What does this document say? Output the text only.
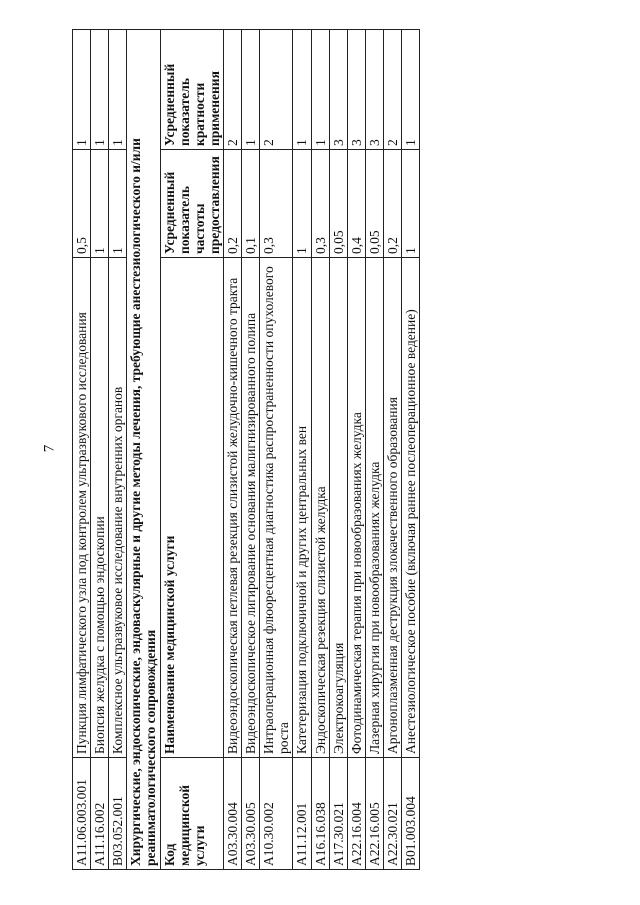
7
A11.06.003.001	Пункция лимфатического узла под контролем ультразвукового исследования	0,5	1
A11.16.002	Биопсия желудка с помощью эндоскопии	1	1
B03.052.001	Комплексное ультразвуковое исследование внутренних органов	1	1
Хирургические, эндоскопические, эндоваскулярные и другие методы лечения, требующие анестезиологического и/или реаниматологического сопровождения			
Код медицинской услуги	Наименование медицинской услуги	Усредненный показатель частоты предоставления	Усредненный показатель кратности применения
A03.30.004	Видеоэндоскопическая петлевая резекция слизистой желудочно-кишечного тракта	0,2	2
A03.30.005	Видеоэндоскопическое лигирование основания малигнизированного полипа	0,1	1
A10.30.002	Интраоперационная флюоресцентная диагностика распространенности опухолевого роста	0,3	2
A11.12.001	Катетеризация подключичной и других центральных вен	1	1
A16.16.038	Эндоскопическая резекция слизистой желудка	0,3	1
A17.30.021	Электрокоагуляция	0,05	3
A22.16.004	Фотодинамическая терапия при новообразованиях желудка	0,4	3
A22.16.005	Лазерная хирургия при новообразованиях желудка	0,05	3
A22.30.021	Аргоноплазменная деструкция злокачественного образования	0,2	2
B01.003.004	Анестезиологическое пособие (включая раннее послеоперационное ведение)	1	1
